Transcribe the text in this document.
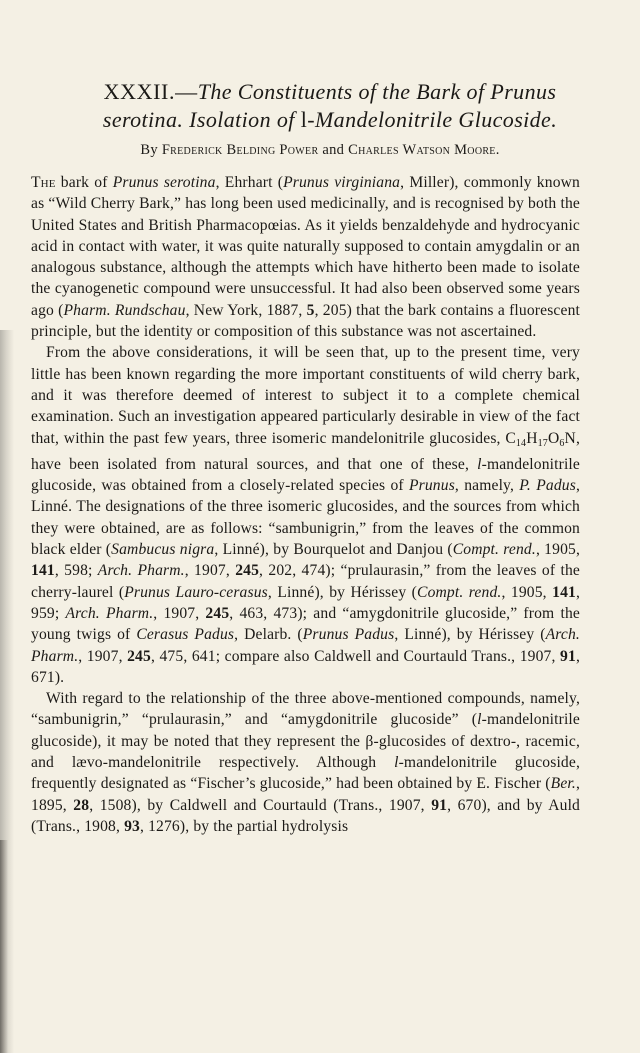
XXXII.—The Constituents of the Bark of Prunus
serotina. Isolation of l-Mandelonitrile Glucoside.
By Frederick Belding Power and Charles Watson Moore.

The bark of Prunus serotina, Ehrhart (Prunus virginiana, Miller), commonly known as “Wild Cherry Bark,” has long been used medicinally, and is recognised by both the United States and British Pharmacopœias. As it yields benzaldehyde and hydrocyanic acid in contact with water, it was quite naturally supposed to contain amygdalin or an analogous substance, although the attempts which have hitherto been made to isolate the cyanogenetic compound were unsuccessful. It had also been observed some years ago (Pharm. Rundschau, New York, 1887, 5, 205) that the bark contains a fluorescent principle, but the identity or composition of this substance was not ascertained.

From the above considerations, it will be seen that, up to the present time, very little has been known regarding the more important constituents of wild cherry bark, and it was therefore deemed of interest to subject it to a complete chemical examination. Such an investigation appeared particularly desirable in view of the fact that, within the past few years, three isomeric mandelonitrile glucosides, $C_{14}H_{17}O_6N$, have been isolated from natural sources, and that one of these, l-mandelonitrile glucoside, was obtained from a closely-related species of Prunus, namely, P. Padus, Linné. The designations of the three isomeric glucosides, and the sources from which they were obtained, are as follows: “sambunigrin,” from the leaves of the common black elder (Sambucus nigra, Linné), by Bourquelot and Danjou (Compt. rend., 1905, 141, 598; Arch. Pharm., 1907, 245, 202, 474); “prulaurasin,” from the leaves of the cherry-laurel (Prunus Lauro-cerasus, Linné), by Hérissey (Compt. rend., 1905, 141, 959; Arch. Pharm., 1907, 245, 463, 473); and “amygdonitrile glucoside,” from the young twigs of Cerasus Padus, Delarb. (Prunus Padus, Linné), by Hérissey (Arch. Pharm., 1907, 245, 475, 641; compare also Caldwell and Courtauld Trans., 1907, 91, 671).

With regard to the relationship of the three above-mentioned compounds, namely, “sambunigrin,” “prulaurasin,” and “amygdonitrile glucoside” (l-mandelonitrile glucoside), it may be noted that they represent the β-glucosides of dextro-, racemic, and lævo-mandelonitrile respectively. Although l-mandelonitrile glucoside, frequently designated as “Fischer’s glucoside,” had been obtained by E. Fischer (Ber., 1895, 28, 1508), by Caldwell and Courtauld (Trans., 1907, 91, 670), and by Auld (Trans., 1908, 93, 1276), by the partial hydrolysis
